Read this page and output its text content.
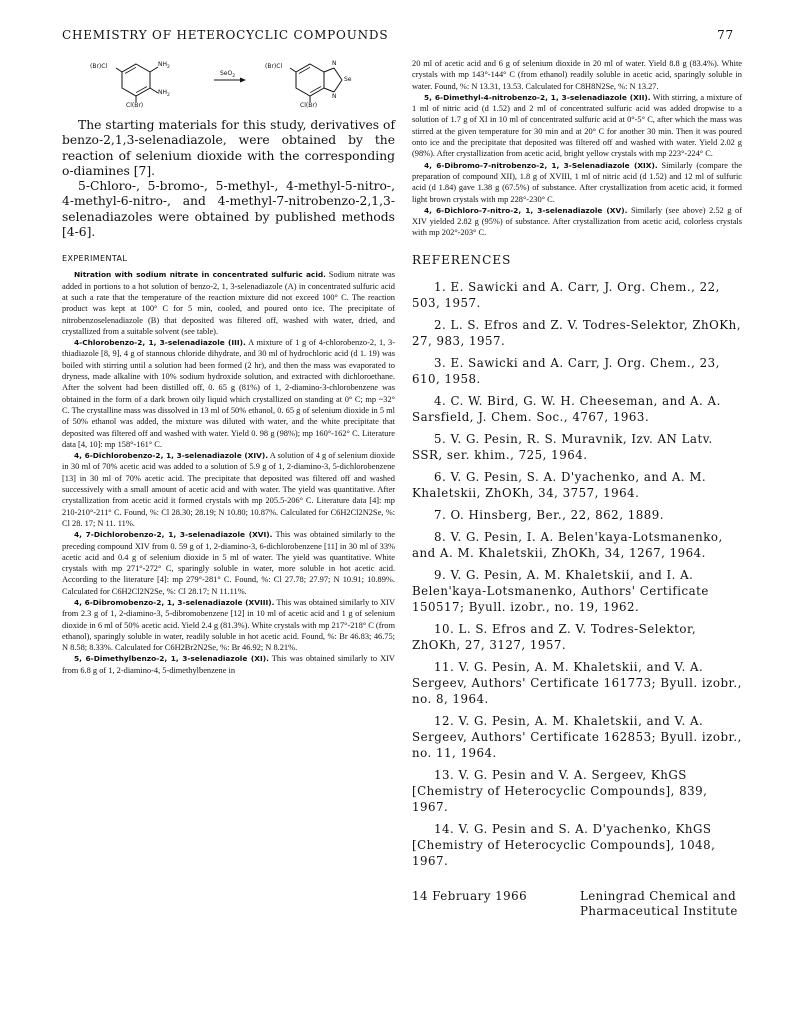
CHEMISTRY OF HETEROCYCLIC COMPOUNDS	77
(Br)Cl	$NH_2$
$NH_2$
Cl(Br)
SeO$_2$
(Br)Cl	N
Se
N
Cl(Br)

The starting materials for this study, derivatives of benzo-2,1,3-selenadiazole, were obtained by the reaction of selenium dioxide with the corresponding o-diamines [7].

5-Chloro-, 5-bromo-, 5-methyl-, 4-methyl-5-nitro-, 4-methyl-6-nitro-, and 4-methyl-7-nitrobenzo-2,1,3-selenadiazoles were obtained by published methods [4-6].

EXPERIMENTAL

Nitration with sodium nitrate in concentrated sulfuric acid. Sodium nitrate was added in portions to a hot solution of benzo-2, 1, 3-selenadiazole (A) in concentrated sulfuric acid at such a rate that the temperature of the reaction mixture did not exceed 100° C. The reaction product was kept at 100° C for 5 min, cooled, and poured onto ice. The precipitate of nitrobenzoselenadiazole (B) that deposited was filtered off, washed with water, dried, and crystallized from a suitable solvent (see table).

4-Chlorobenzo-2, 1, 3-selenadiazole (III). A mixture of 1 g of 4-chlorobenzo-2, 1, 3-thiadiazole [8, 9], 4 g of stannous chloride dihydrate, and 30 ml of hydrochloric acid (d 1. 19) was boiled with stirring until a solution had been formed (2 hr), and then the mass was evaporated to dryness, made alkaline with 10% sodium hydroxide solution, and extracted with dichloroethane. After the solvent had been distilled off, 0. 65 g (81%) of 1, 2-diamino-3-chlorobenzene was obtained in the form of a dark brown oily liquid which crystallized on standing at 0° C; mp ~32° C. The crystalline mass was dissolved in 13 ml of 50% ethanol, 0. 65 g of selenium dioxide in 5 ml of 50% ethanol was added, the mixture was diluted with water, and the white precipitate that deposited was filtered off and washed with water. Yield 0. 98 g (98%); mp 160°-162° C. Literature data [4, 10]: mp 158°-161° C.

4, 6-Dichlorobenzo-2, 1, 3-selenadiazole (XIV). A solution of 4 g of selenium dioxide in 30 ml of 70% acetic acid was added to a solution of 5.9 g of 1, 2-diamino-3, 5-dichlorobenzene [13] in 30 ml of 70% acetic acid. The precipitate that deposited was filtered off and washed successively with a small amount of acetic acid and with water. The yield was quantitative. After crystallization from acetic acid it formed crystals with mp 205.5-206° C. Literature data [4]: mp 210-210°-211° C. Found, %: Cl 28.30; 28.19; N 10.80; 10.87%. Calculated for C6H2Cl2N2Se, %: Cl 28. 17; N 11. 11%.

4, 7-Dichlorobenzo-2, 1, 3-selenadiazole (XVI). This was obtained similarly to the preceding compound XIV from 0. 59 g of 1, 2-diamino-3, 6-dichlorobenzene [11] in 30 ml of 33% acetic acid and 0.4 g of selenium dioxide in 5 ml of water. The yield was quantitative. White crystals with mp 271°-272° C, sparingly soluble in water, more soluble in hot acetic acid. According to the literature [4]: mp 279°-281° C. Found, %: Cl 27.78; 27.97; N 10.91; 10.89%. Calculated for C6H2Cl2N2Se, %: Cl 28.17; N 11.11%.

4, 6-Dibromobenzo-2, 1, 3-selenadiazole (XVIII). This was obtained similarly to XIV from 2.3 g of 1, 2-diamino-3, 5-dibromobenzene [12] in 10 ml of acetic acid and 1 g of selenium dioxide in 6 ml of 50% acetic acid. Yield 2.4 g (81.3%). White crystals with mp 217°-218° C (from ethanol), sparingly soluble in water, readily soluble in hot acetic acid. Found, %: Br 46.83; 46.75; N 8.58; 8.33%. Calculated for C6H2Br2N2Se, %: Br 46.92; N 8.21%.

5, 6-Dimethylbenzo-2, 1, 3-selenadiazole (XI). This was obtained similarly to XIV from 6.8 g of 1, 2-diamino-4, 5-dimethylbenzene in

20 ml of acetic acid and 6 g of selenium dioxide in 20 ml of water. Yield 8.8 g (83.4%). White crystals with mp 143°-144° C (from ethanol) readily soluble in acetic acid, sparingly soluble in water. Found, %: N 13.31, 13.53. Calculated for C8H8N2Se, %: N 13.27.

5, 6-Dimethyl-4-nitrobenzo-2, 1, 3-selenadiazole (XII). With stirring, a mixture of 1 ml of nitric acid (d 1.52) and 2 ml of concentrated sulfuric acid was added dropwise to a solution of 1.7 g of XI in 10 ml of concentrated sulfuric acid at 0°-5° C, after which the mass was stirred at the given temperature for 30 min and at 20° C for another 30 min. Then it was poured onto ice and the precipitate that deposited was filtered off and washed with water. Yield 2.02 g (98%). After crystallization from acetic acid, bright yellow crystals with mp 223°-224° C.

4, 6-Dibromo-7-nitrobenzo-2, 1, 3-Selenadiazole (XIX). Similarly (compare the preparation of compound XII), 1.8 g of XVIII, 1 ml of nitric acid (d 1.52) and 12 ml of sulfuric acid (d 1.84) gave 1.38 g (67.5%) of substance. After crystallization from acetic acid, it formed light brown crystals with mp 228°-230° C.

4, 6-Dichloro-7-nitro-2, 1, 3-selenadiazole (XV). Similarly (see above) 2.52 g of XIV yielded 2.82 g (95%) of substance. After crystallization from acetic acid, colorless crystals with mp 202°-203° C.

REFERENCES
1. E. Sawicki and A. Carr, J. Org. Chem., 22, 503, 1957.
2. L. S. Efros and Z. V. Todres-Selektor, ZhOKh, 27, 983, 1957.
3. E. Sawicki and A. Carr, J. Org. Chem., 23, 610, 1958.
4. C. W. Bird, G. W. H. Cheeseman, and A. A. Sarsfield, J. Chem. Soc., 4767, 1963.
5. V. G. Pesin, R. S. Muravnik, Izv. AN Latv. SSR, ser. khim., 725, 1964.
6. V. G. Pesin, S. A. D'yachenko, and A. M. Khaletskii, ZhOKh, 34, 3757, 1964.
7. O. Hinsberg, Ber., 22, 862, 1889.
8. V. G. Pesin, I. A. Belen'kaya-Lotsmanenko, and A. M. Khaletskii, ZhOKh, 34, 1267, 1964.
9. V. G. Pesin, A. M. Khaletskii, and I. A. Belen'kaya-Lotsmanenko, Authors' Certificate 150517; Byull. izobr., no. 19, 1962.
10. L. S. Efros and Z. V. Todres-Selektor, ZhOKh, 27, 3127, 1957.
11. V. G. Pesin, A. M. Khaletskii, and V. A. Sergeev, Authors' Certificate 161773; Byull. izobr., no. 8, 1964.
12. V. G. Pesin, A. M. Khaletskii, and V. A. Sergeev, Authors' Certificate 162853; Byull. izobr., no. 11, 1964.
13. V. G. Pesin and V. A. Sergeev, KhGS [Chemistry of Heterocyclic Compounds], 839, 1967.
14. V. G. Pesin and S. A. D'yachenko, KhGS [Chemistry of Heterocyclic Compounds], 1048, 1967.
14 February 1966	Leningrad Chemical and Pharmaceutical Institute
